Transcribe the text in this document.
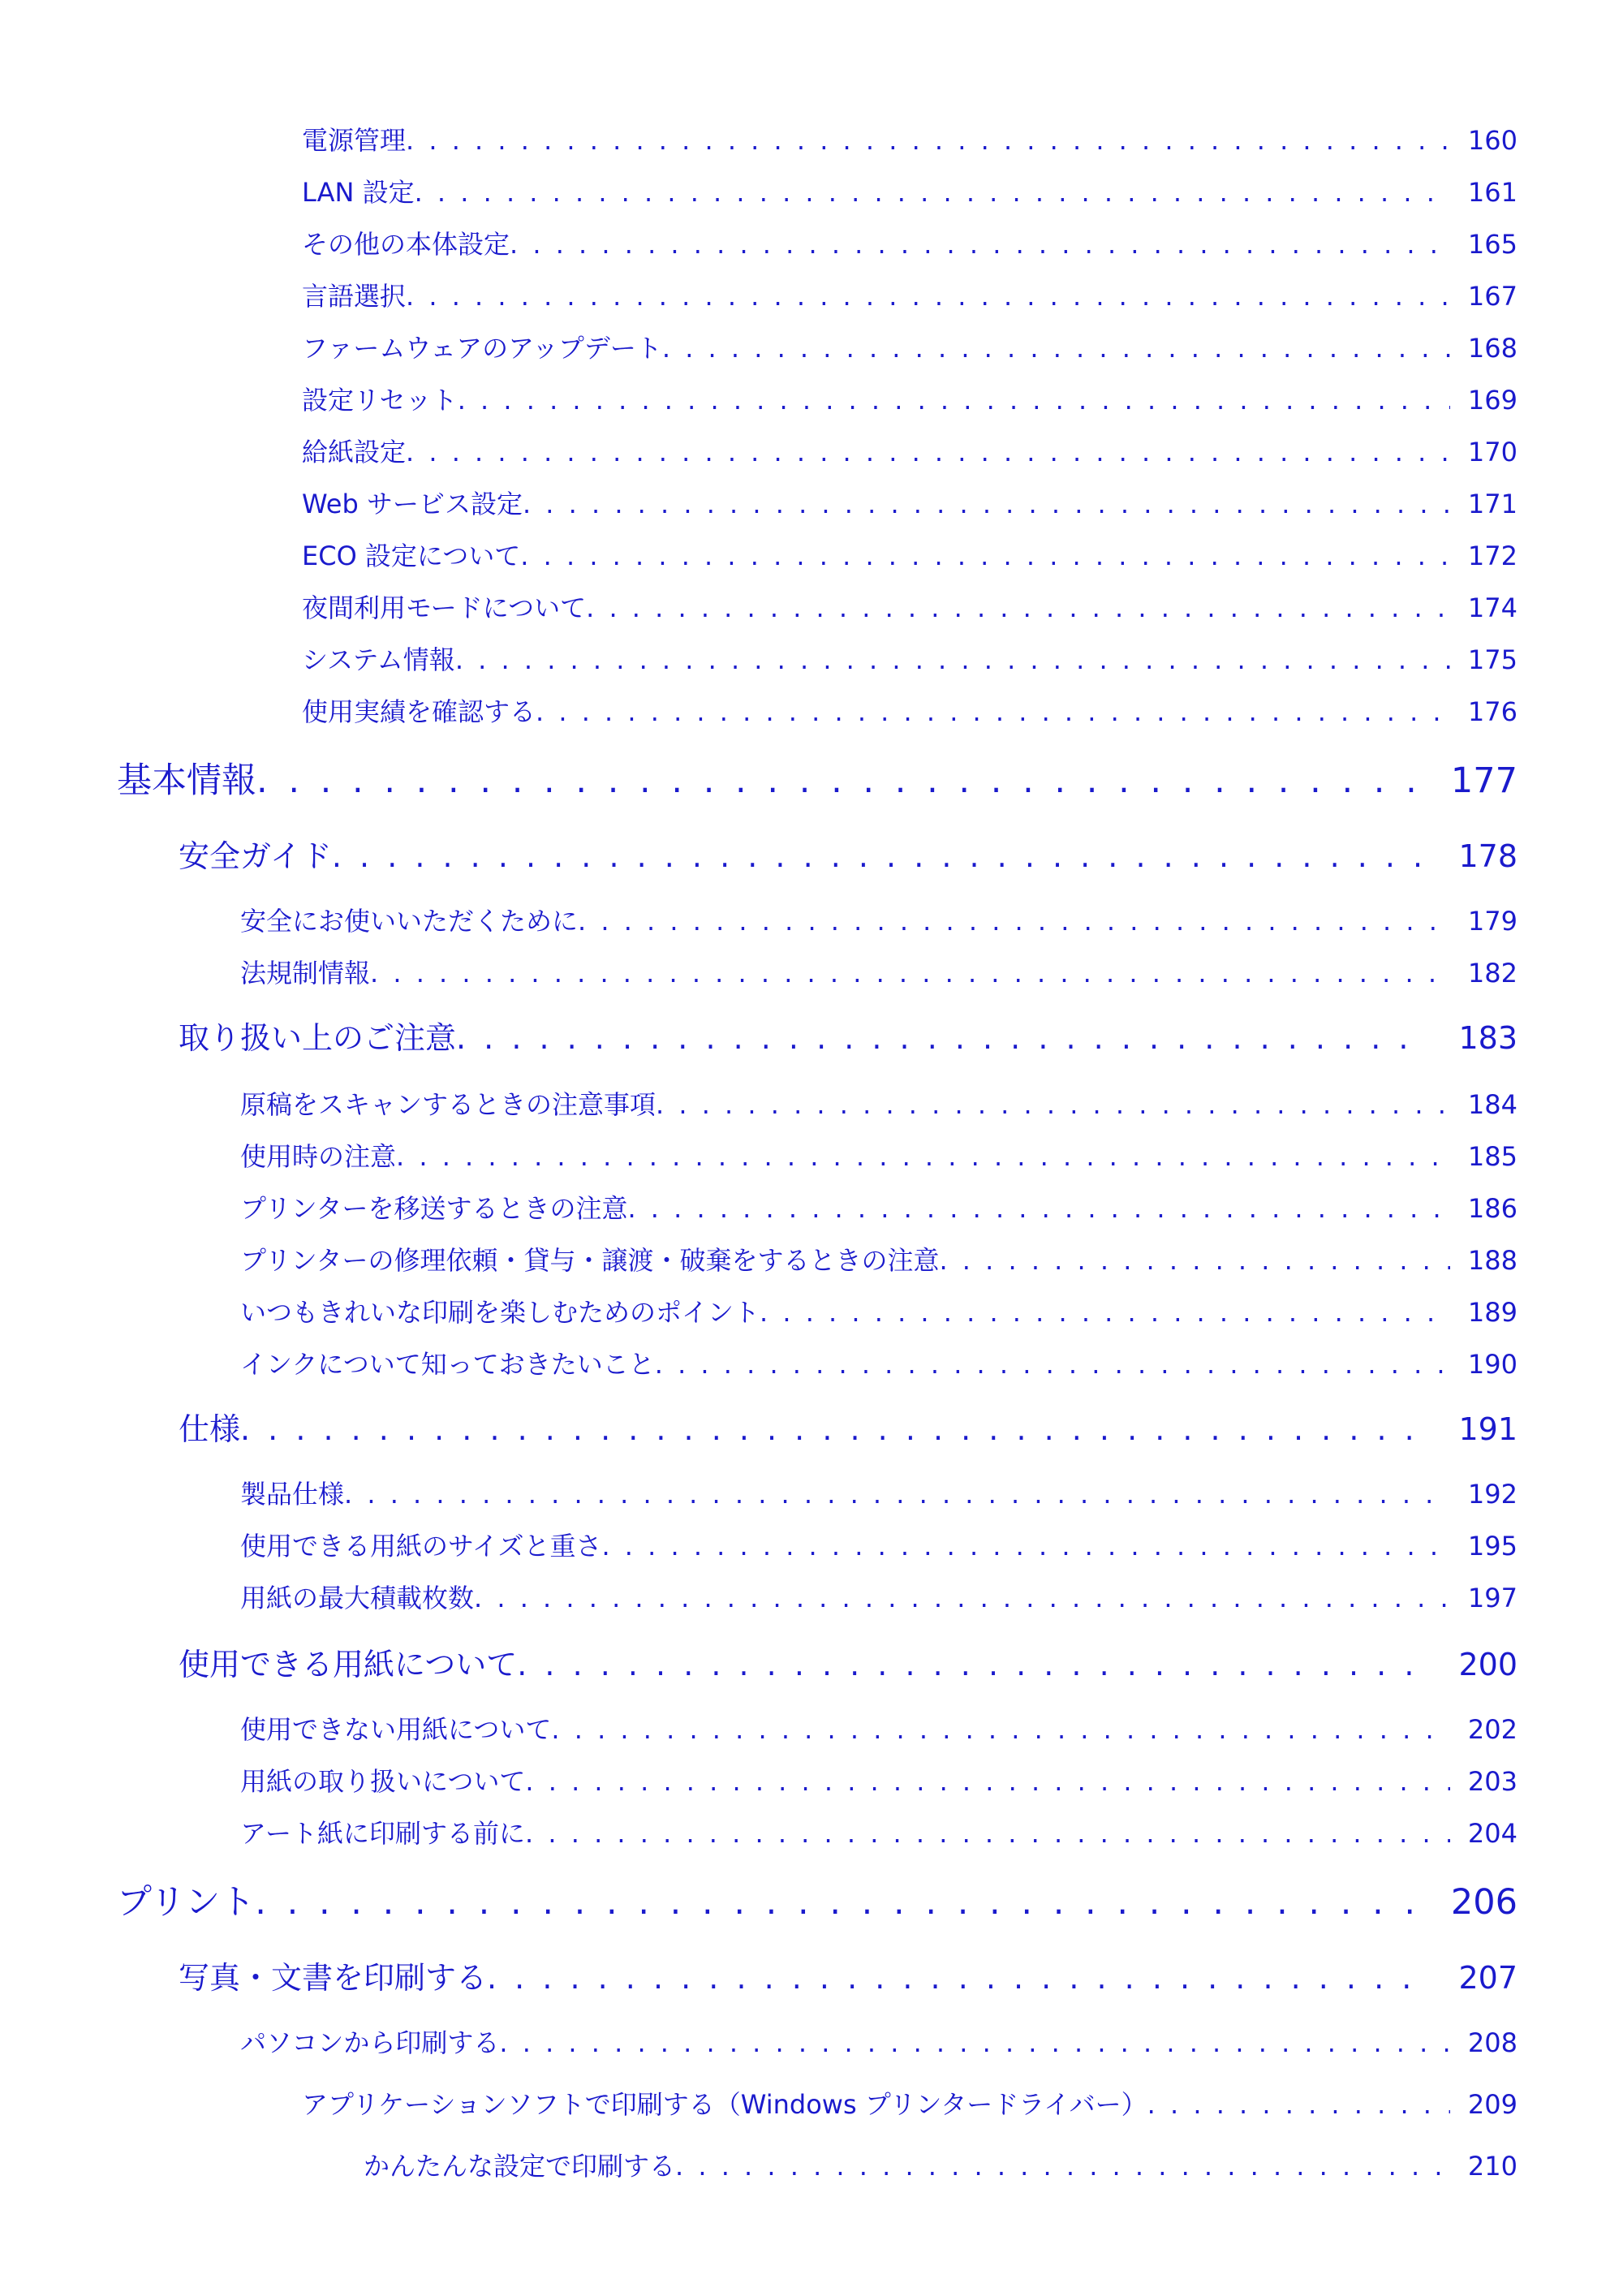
電源管理 . . .	160
LAN 設定 . . .	161
その他の本体設定 . . .	165
言語選択 . . .	167
ファームウェアのアップデート . . .	168
設定リセット . . .	169
給紙設定 . . .	170
Web サービス設定 . . .	171
ECO 設定について . . .	172
夜間利用モードについて . . .	174
システム情報 . . .	175
使用実績を確認する . . .	176
基本情報 . . .	177
安全ガイド . . .	178
安全にお使いいただくために . . .	179
法規制情報 . . .	182
取り扱い上のご注意 . . .	183
原稿をスキャンするときの注意事項 . . .	184
使用時の注意 . . .	185
プリンターを移送するときの注意 . . .	186
プリンターの修理依頼・貸与・譲渡・破棄をするときの注意 . . .	188
いつもきれいな印刷を楽しむためのポイント . . .	189
インクについて知っておきたいこと . . .	190
仕様 . . .	191
製品仕様 . . .	192
使用できる用紙のサイズと重さ . . .	195
用紙の最大積載枚数 . . .	197
使用できる用紙について . . .	200
使用できない用紙について . . .	202
用紙の取り扱いについて . . .	203
アート紙に印刷する前に . . .	204
プリント . . .	206
写真・文書を印刷する . . .	207
パソコンから印刷する . . .	208
アプリケーションソフトで印刷する（Windows プリンタードライバー） . . .	209
かんたんな設定で印刷する . . .	210
